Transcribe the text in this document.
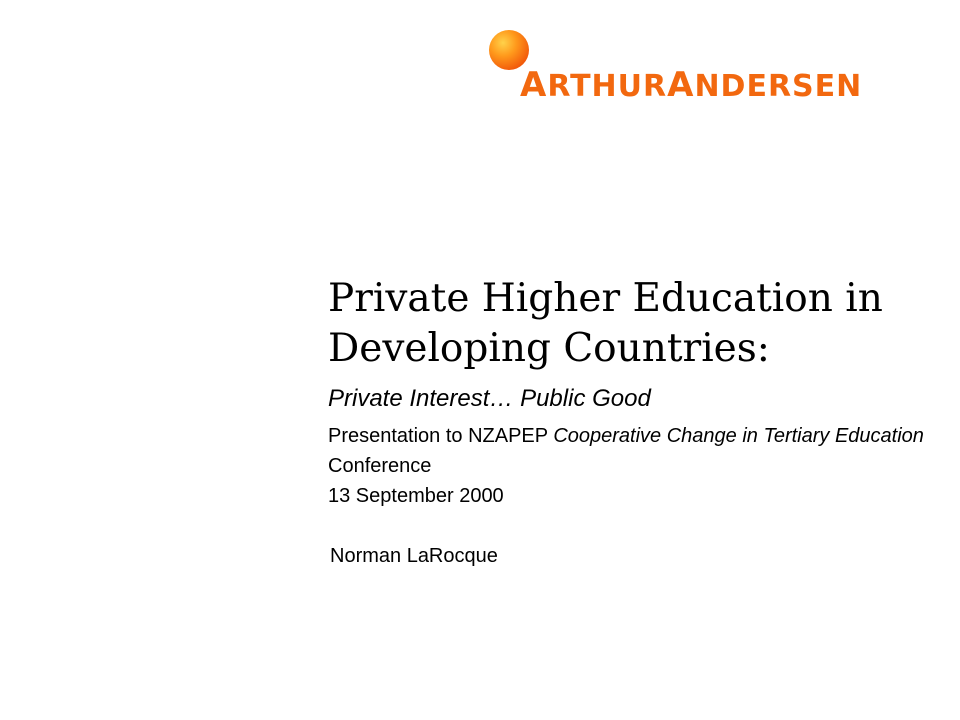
ARTHURANDERSEN
Private Higher Education in
Developing Countries:
Private Interest… Public Good
Presentation to NZAPEP Cooperative Change in Tertiary Education Conference
13 September 2000
Norman LaRocque
